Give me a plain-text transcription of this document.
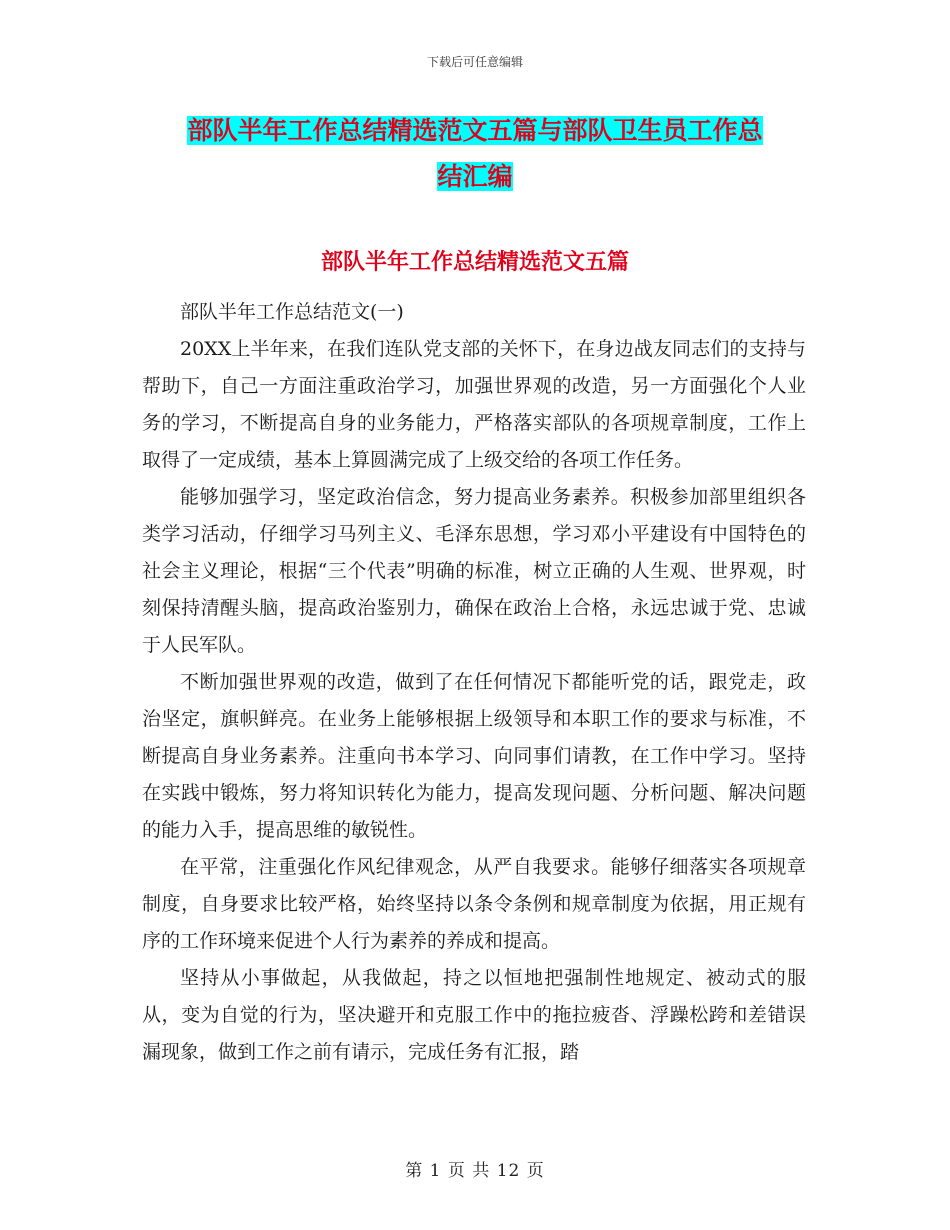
下载后可任意编辑
部队半年工作总结精选范文五篇与部队卫生员工作总
结汇编
部队半年工作总结精选范文五篇

部队半年工作总结范文(一)

20XX上半年来，在我们连队党支部的关怀下，在身边战友同志们的支持与帮助下，自己一方面注重政治学习，加强世界观的改造，另一方面强化个人业务的学习，不断提高自身的业务能力，严格落实部队的各项规章制度，工作上取得了一定成绩，基本上算圆满完成了上级交给的各项工作任务。

能够加强学习，坚定政治信念，努力提高业务素养。积极参加部里组织各类学习活动，仔细学习马列主义、毛泽东思想，学习邓小平建设有中国特色的社会主义理论，根据“三个代表”明确的标准，树立正确的人生观、世界观，时刻保持清醒头脑，提高政治鉴别力，确保在政治上合格，永远忠诚于党、忠诚于人民军队。

不断加强世界观的改造，做到了在任何情况下都能听党的话，跟党走，政治坚定，旗帜鲜亮。在业务上能够根据上级领导和本职工作的要求与标准，不断提高自身业务素养。注重向书本学习、向同事们请教，在工作中学习。坚持在实践中锻炼，努力将知识转化为能力，提高发现问题、分析问题、解决问题的能力入手，提高思维的敏锐性。

在平常，注重强化作风纪律观念，从严自我要求。能够仔细落实各项规章制度，自身要求比较严格，始终坚持以条令条例和规章制度为依据，用正规有序的工作环境来促进个人行为素养的养成和提高。

坚持从小事做起，从我做起，持之以恒地把强制性地规定、被动式的服从，变为自觉的行为，坚决避开和克服工作中的拖拉疲沓、浮躁松跨和差错误漏现象，做到工作之前有请示，完成任务有汇报，踏

第 1 页 共 12 页
